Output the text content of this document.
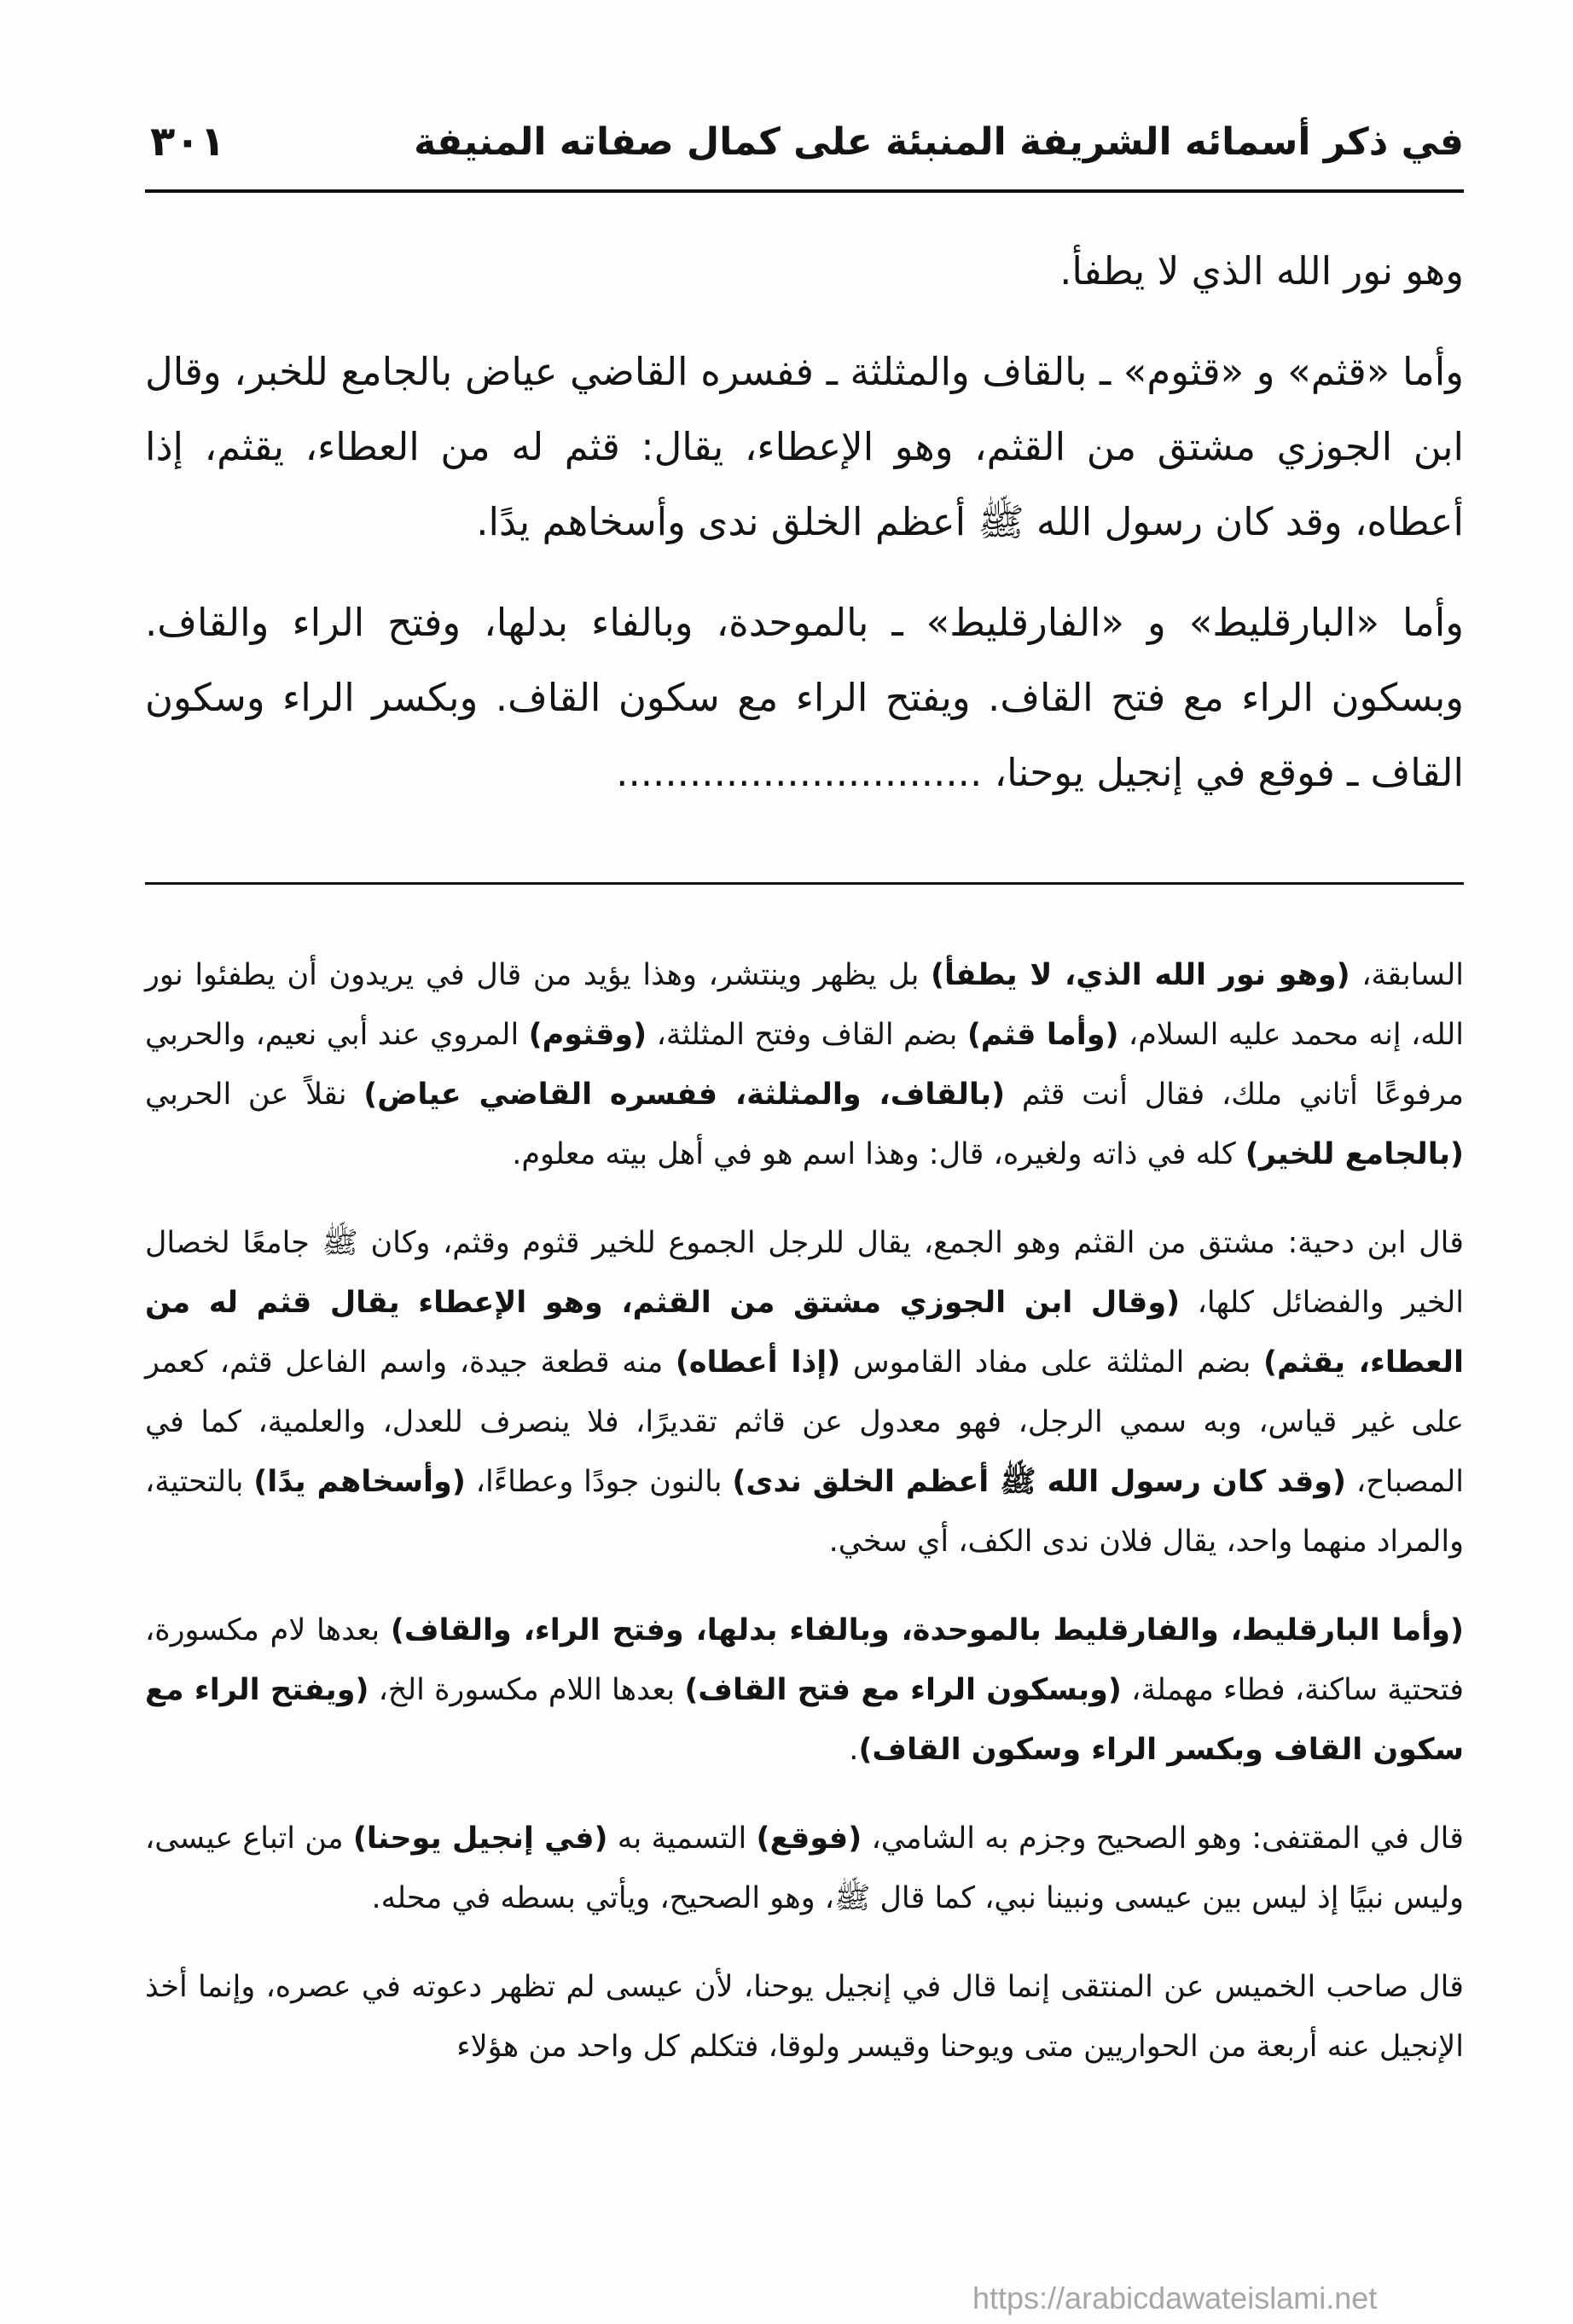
في ذكر أسمائه الشريفة المنبئة على كمال صفاته المنيفة
٣٠١

وهو نور الله الذي لا يطفأ.

وأما «قثم» و «قثوم» ـ بالقاف والمثلثة ـ ففسره القاضي عياض بالجامع للخبر، وقال ابن الجوزي مشتق من القثم، وهو الإعطاء، يقال: قثم له من العطاء، يقثم، إذا أعطاه، وقد كان رسول الله ﷺ أعظم الخلق ندى وأسخاهم يدًا.

وأما «البارقليط» و «الفارقليط» ـ بالموحدة، وبالفاء بدلها، وفتح الراء والقاف. وبسكون الراء مع فتح القاف. ويفتح الراء مع سكون القاف. وبكسر الراء وسكون القاف ـ فوقع في إنجيل يوحنا، ..............................

السابقة، (وهو نور الله الذي، لا يطفأ) بل يظهر وينتشر، وهذا يؤيد من قال في يريدون أن يطفئوا نور الله، إنه محمد عليه السلام، (وأما قثم) بضم القاف وفتح المثلثة، (وقثوم) المروي عند أبي نعيم، والحربي مرفوعًا أتاني ملك، فقال أنت قثم (بالقاف، والمثلثة، ففسره القاضي عياض) نقلاً عن الحربي (بالجامع للخير) كله في ذاته ولغيره، قال: وهذا اسم هو في أهل بيته معلوم.

قال ابن دحية: مشتق من القثم وهو الجمع، يقال للرجل الجموع للخير قثوم وقثم، وكان ﷺ جامعًا لخصال الخير والفضائل كلها، (وقال ابن الجوزي مشتق من القثم، وهو الإعطاء يقال قثم له من العطاء، يقثم) بضم المثلثة على مفاد القاموس (إذا أعطاه) منه قطعة جيدة، واسم الفاعل قثم، كعمر على غير قياس، وبه سمي الرجل، فهو معدول عن قاثم تقديرًا، فلا ينصرف للعدل، والعلمية، كما في المصباح، (وقد كان رسول الله ﷺ أعظم الخلق ندى) بالنون جودًا وعطاءًا، (وأسخاهم يدًا) بالتحتية، والمراد منهما واحد، يقال فلان ندى الكف، أي سخي.

(وأما البارقليط، والفارقليط بالموحدة، وبالفاء بدلها، وفتح الراء، والقاف) بعدها لام مكسورة، فتحتية ساكنة، فطاء مهملة، (وبسكون الراء مع فتح القاف) بعدها اللام مكسورة الخ، (ويفتح الراء مع سكون القاف وبكسر الراء وسكون القاف).

قال في المقتفى: وهو الصحيح وجزم به الشامي، (فوقع) التسمية به (في إنجيل يوحنا) من اتباع عيسى، وليس نبيًا إذ ليس بين عيسى ونبينا نبي، كما قال ﷺ، وهو الصحيح، ويأتي بسطه في محله.

قال صاحب الخميس عن المنتقى إنما قال في إنجيل يوحنا، لأن عيسى لم تظهر دعوته في عصره، وإنما أخذ الإنجيل عنه أربعة من الحواريين متى ويوحنا وقيسر ولوقا، فتكلم كل واحد من هؤلاء

https://arabicdawateislami.net
